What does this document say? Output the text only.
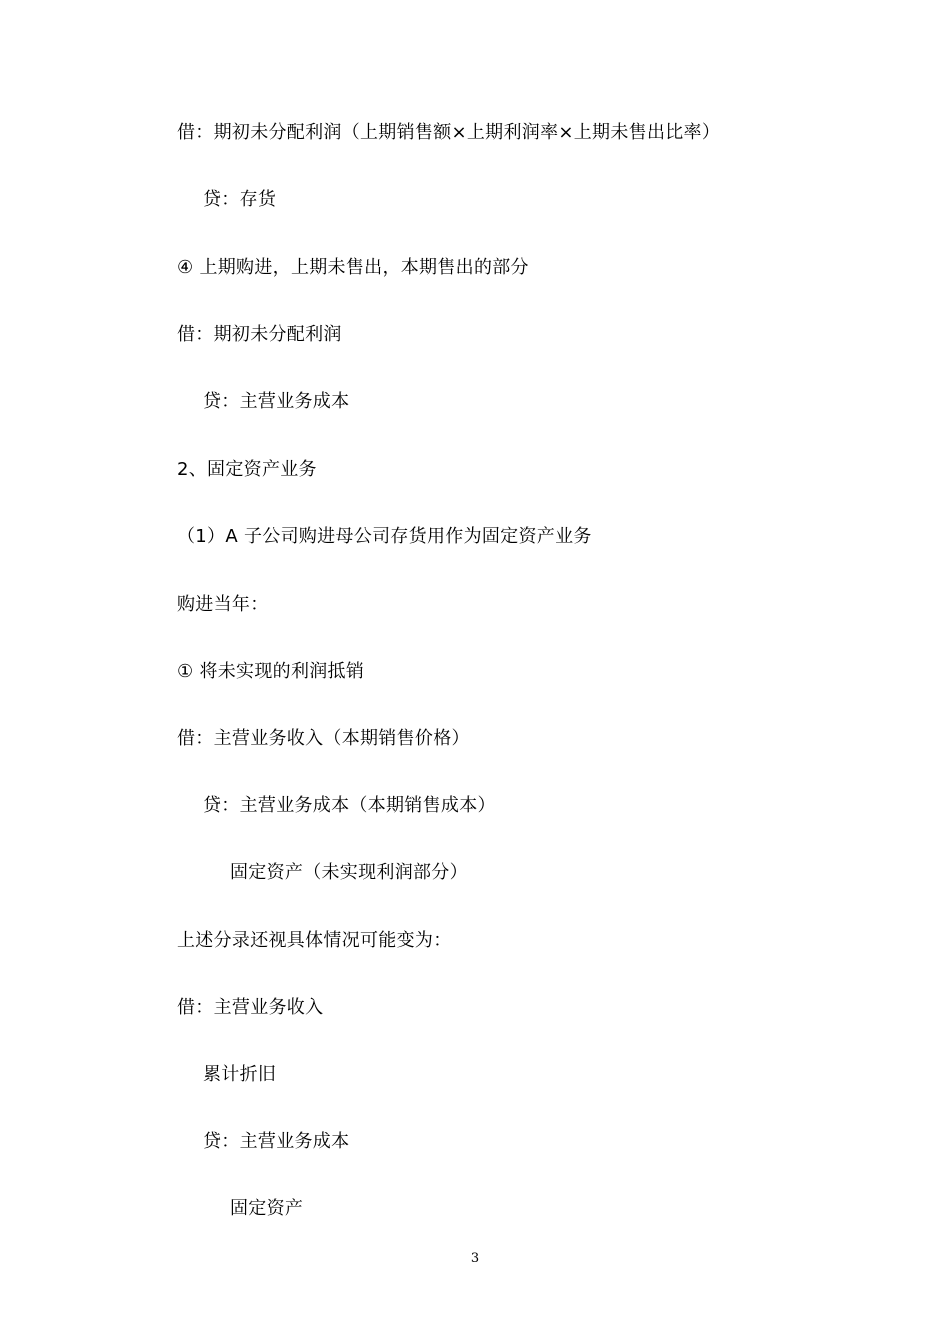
借：期初未分配利润（上期销售额×上期利润率×上期未售出比率）
贷：存货
④ 上期购进，上期未售出，本期售出的部分
借：期初未分配利润
贷：主营业务成本
2、固定资产业务
（1）A 子公司购进母公司存货用作为固定资产业务
购进当年：
① 将未实现的利润抵销
借：主营业务收入（本期销售价格）
贷：主营业务成本（本期销售成本）
固定资产（未实现利润部分）
上述分录还视具体情况可能变为：
借：主营业务收入
累计折旧
贷：主营业务成本
固定资产
3
